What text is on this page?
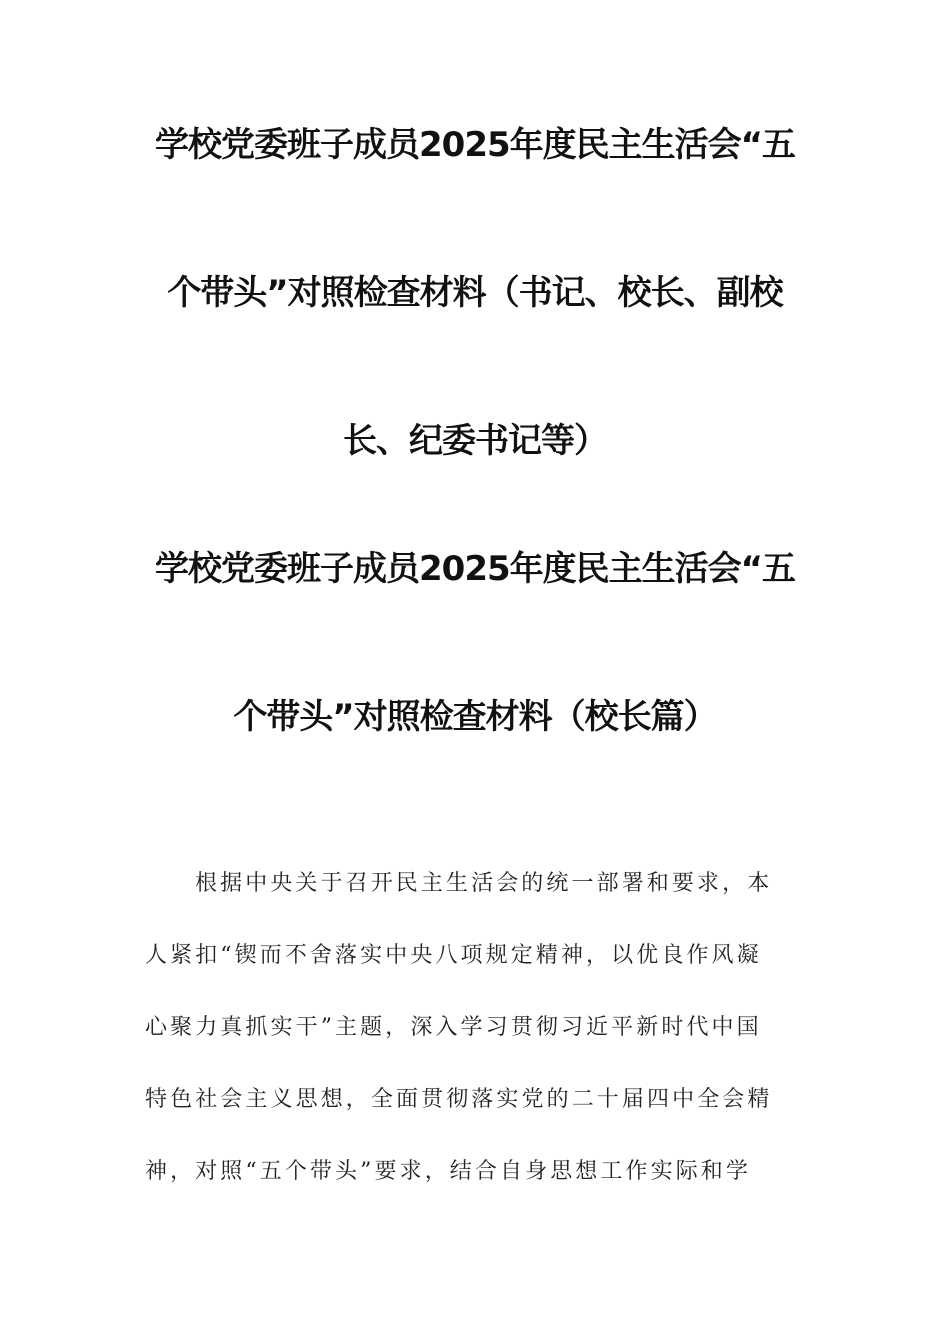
学校党委班子成员2025年度民主生活会“五
个带头”对照检查材料（书记、校长、副校
长、纪委书记等）
学校党委班子成员2025年度民主生活会“五
个带头”对照检查材料（校长篇）
根据中央关于召开民主生活会的统一部署和要求，本
人紧扣“锲而不舍落实中央八项规定精神，以优良作风凝
心聚力真抓实干”主题，深入学习贯彻习近平新时代中国
特色社会主义思想，全面贯彻落实党的二十届四中全会精
神，对照“五个带头”要求，结合自身思想工作实际和学
